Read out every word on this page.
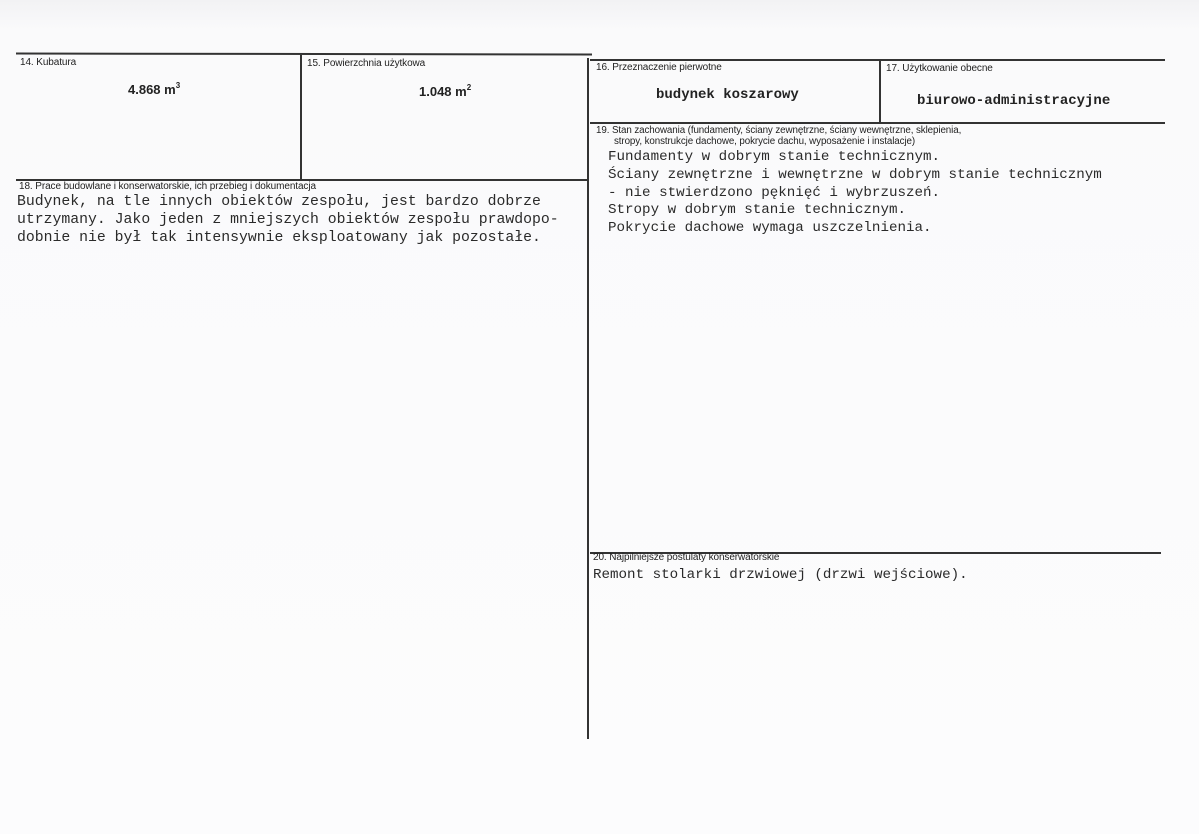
14. Kubatura
4.868 $m^3$
15. Powierzchnia użytkowa
1.048 $m^2$
16. Przeznaczenie pierwotne
budynek koszarowy
17. Użytkowanie obecne
biurowo-administracyjne
19. Stan zachowania (fundamenty, ściany zewnętrzne, ściany wewnętrzne, sklepienia,
stropy, konstrukcje dachowe, pokrycie dachu, wyposażenie i instalacje)
Fundamenty w dobrym stanie technicznym.
Ściany zewnętrzne i wewnętrzne w dobrym stanie technicznym
- nie stwierdzono pęknięć i wybrzuszeń.
Stropy w dobrym stanie technicznym.
Pokrycie dachowe wymaga uszczelnienia.
18. Prace budowlane i konserwatorskie, ich przebieg i dokumentacja
Budynek, na tle innych obiektów zespołu, jest bardzo dobrze
utrzymany. Jako jeden z mniejszych obiektów zespołu prawdopo-
dobnie nie był tak intensywnie eksploatowany jak pozostałe.
20. Najpilniejsze postulaty konserwatorskie
Remont stolarki drzwiowej (drzwi wejściowe).
